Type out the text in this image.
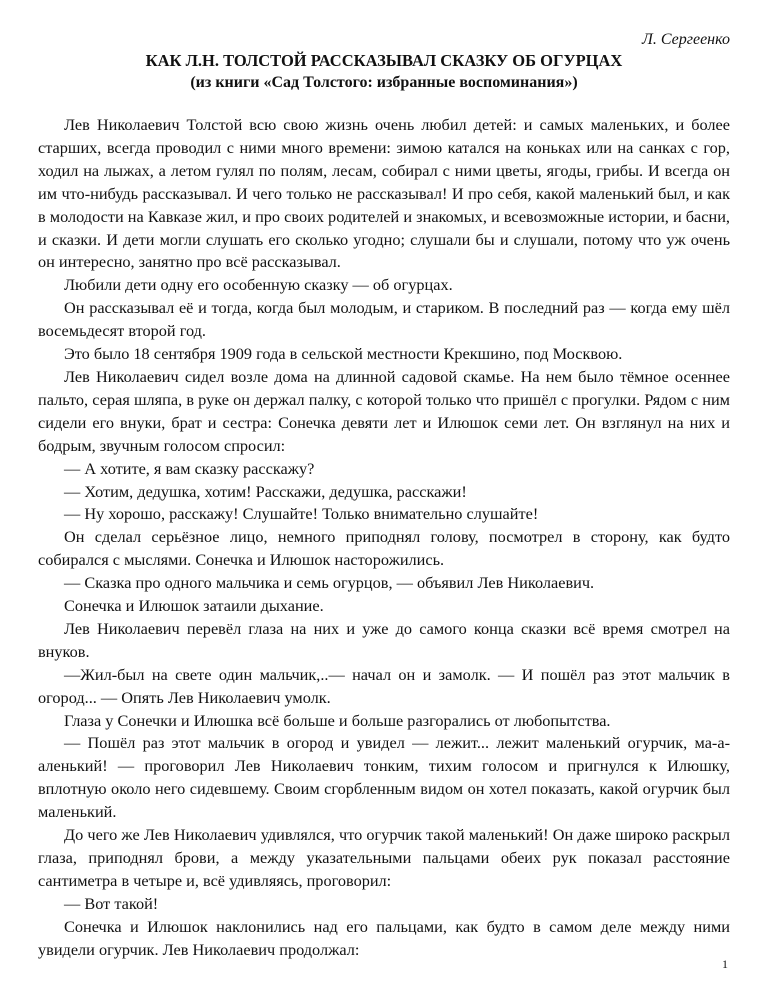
Л. Сергеенко
КАК Л.Н. ТОЛСТОЙ РАССКАЗЫВАЛ СКАЗКУ ОБ ОГУРЦАХ
(из книги «Сад Толстого: избранные воспоминания»)

Лев Николаевич Толстой всю свою жизнь очень любил детей: и самых маленьких, и более старших, всегда проводил с ними много времени: зимою катался на коньках или на санках с гор, ходил на лыжах, а летом гулял по полям, лесам, собирал с ними цветы, ягоды, грибы. И всегда он им что-нибудь рассказывал. И чего только не рассказывал! И про себя, какой маленький был, и как в молодости на Кавказе жил, и про своих родителей и знакомых, и всевозможные истории, и басни, и сказки. И дети могли слушать его сколько угодно; слушали бы и слушали, потому что уж очень он интересно, занятно про всё рассказывал.

Любили дети одну его особенную сказку — об огурцах.

Он рассказывал её и тогда, когда был молодым, и стариком. В последний раз — когда ему шёл восемьдесят второй год.

Это было 18 сентября 1909 года в сельской местности Крекшино, под Москвою.

Лев Николаевич сидел возле дома на длинной садовой скамье. На нем было тёмное осеннее пальто, серая шляпа, в руке он держал палку, с которой только что пришёл с прогулки. Рядом с ним сидели его внуки, брат и сестра: Сонечка девяти лет и Илюшок семи лет. Он взглянул на них и бодрым, звучным голосом спросил:

— А хотите, я вам сказку расскажу?

— Хотим, дедушка, хотим! Расскажи, дедушка, расскажи!

— Ну хорошо, расскажу! Слушайте! Только внимательно слушайте!

Он сделал серьёзное лицо, немного приподнял голову, посмотрел в сторону, как будто собирался с мыслями. Сонечка и Илюшок насторожились.

— Сказка про одного мальчика и семь огурцов, — объявил Лев Николаевич.

Сонечка и Илюшок затаили дыхание.

Лев Николаевич перевёл глаза на них и уже до самого конца сказки всё время смотрел на внуков.

—Жил-был на свете один мальчик,..— начал он и замолк. — И пошёл раз этот мальчик в огород... — Опять Лев Николаевич умолк.

Глаза у Сонечки и Илюшка всё больше и больше разгорались от любопытства.

— Пошёл раз этот мальчик в огород и увидел — лежит... лежит маленький огурчик, ма-а-аленький! — проговорил Лев Николаевич тонким, тихим голосом и пригнулся к Илюшку, вплотную около него сидевшему. Своим сгорбленным видом он хотел показать, какой огурчик был маленький.

До чего же Лев Николаевич удивлялся, что огурчик такой маленький! Он даже широко раскрыл глаза, приподнял брови, а между указательными пальцами обеих рук показал расстояние сантиметра в четыре и, всё удивляясь, проговорил:

— Вот такой!

Сонечка и Илюшок наклонились над его пальцами, как будто в самом деле между ними увидели огурчик. Лев Николаевич продолжал:

1
